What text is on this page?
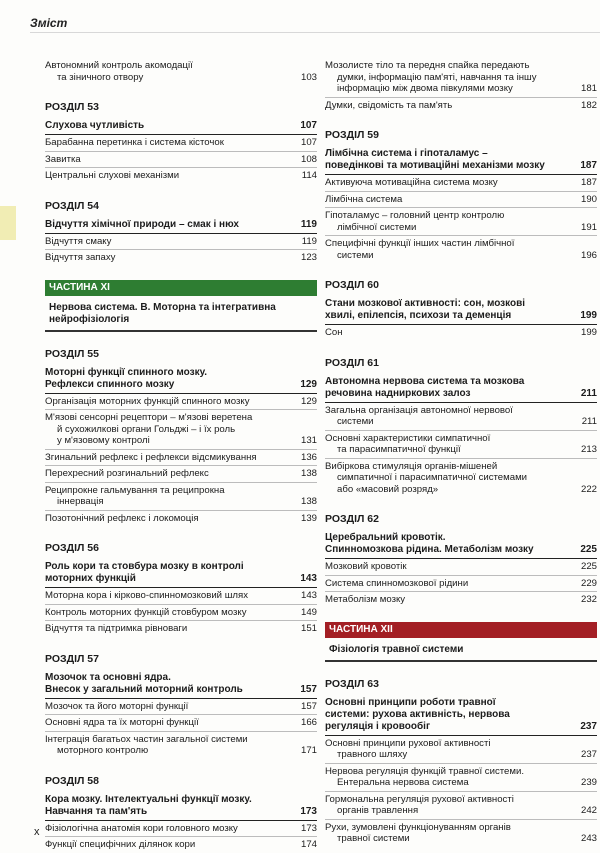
Зміст
Автономний контроль акомодації
та зіничного отвору	103
РОЗДІЛ 53
Слухова чутливість	107
Барабанна перетинка і система кісточок	107
Завитка	108
Центральні слухові механізми	114
РОЗДІЛ 54
Відчуття хімічної природи – смак і нюх	119
Відчуття смаку	119
Відчуття запаху	123
ЧАСТИНА XI
Нервова система. В. Моторна та інтегративна
нейрофізіологія
РОЗДІЛ 55
Моторні функції спинного мозку.
Рефлекси спинного мозку	129
Організація моторних функцій спинного мозку	129
М'язові сенсорні рецептори – м'язові веретена
й сухожилкові органи Гольджі – і їх роль
у м'язовому контролі	131
Згинальний рефлекс і рефлекси відсмикування	136
Перехресний розгинальний рефлекс	138
Реципрокне гальмування та реципрокна
іннервація	138
Позотонічний рефлекс і локомоція	139
РОЗДІЛ 56
Роль кори та стовбура мозку в контролі
моторних функцій	143
Моторна кора і кірково-спинномозковий шлях	143
Контроль моторних функцій стовбуром мозку	149
Відчуття та підтримка рівноваги	151
РОЗДІЛ 57
Мозочок та основні ядра.
Внесок у загальний моторний контроль	157
Мозочок та його моторні функції	157
Основні ядра та їх моторні функції	166
Інтеграція багатьох частин загальної системи
моторного контролю	171
РОЗДІЛ 58
Кора мозку. Інтелектуальні функції мозку.
Навчання та пам'ять	173
Фізіологічна анатомія кори головного мозку	173
Функції специфічних ділянок кори	174
Мозолисте тіло та передня спайка передають
думки, інформацію пам'яті, навчання та іншу
інформацію між двома півкулями мозку	181
Думки, свідомість та пам'ять	182
РОЗДІЛ 59
Лімбічна система і гіпоталамус –
поведінкові та мотиваційні механізми мозку	187
Активуюча мотиваційна система мозку	187
Лімбічна система	190
Гіпоталамус – головний центр контролю
лімбічної системи	191
Специфічні функції інших частин лімбічної
системи	196
РОЗДІЛ 60
Стани мозкової активності: сон, мозкові
хвилі, епілепсія, психози та деменція	199
Сон	199
РОЗДІЛ 61
Автономна нервова система та мозкова
речовина надниркових залоз	211
Загальна організація автономної нервової
системи	211
Основні характеристики симпатичної
та парасимпатичної функції	213
Вибіркова стимуляція органів-мішеней
симпатичної і парасимпатичної системами
або «масовий розряд»	222
РОЗДІЛ 62
Церебральний кровотік.
Спинномозкова рідина. Метаболізм мозку	225
Мозковий кровотік	225
Система спинномозкової рідини	229
Метаболізм мозку	232
ЧАСТИНА XII
Фізіологія травної системи
РОЗДІЛ 63
Основні принципи роботи травної
системи: рухова активність, нервова
регуляція і кровообіг	237
Основні принципи рухової активності
травного шляху	237
Нервова регуляція функцій травної системи.
Ентеральна нервова система	239
Гормональна регуляція рухової активності
органів травлення	242
Рухи, зумовлені функціонуванням органів
травної системи	243
x
